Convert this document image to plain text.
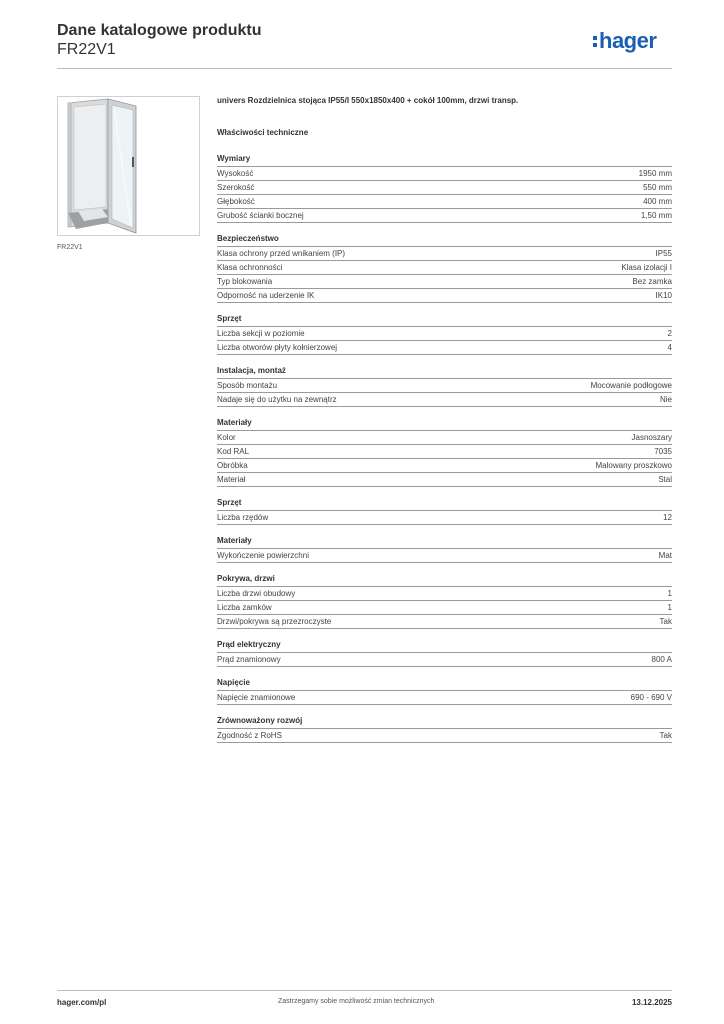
Dane katalogowe produktu
FR22V1	hager
FR22V1
univers Rozdzielnica stojąca IP55/I 550x1850x400 + cokół 100mm, drzwi transp.
Właściwości techniczne
Wymiary
Wysokość	1950 mm
Szerokość	550 mm
Głębokość	400 mm
Grubość ścianki bocznej	1,50 mm
Bezpieczeństwo
Klasa ochrony przed wnikaniem (IP)	IP55
Klasa ochronności	Klasa izolacji I
Typ blokowania	Bez zamka
Odporność na uderzenie IK	IK10
Sprzęt
Liczba sekcji w poziomie	2
Liczba otworów płyty kołnierzowej	4
Instalacja, montaż
Sposób montażu	Mocowanie podłogowe
Nadaje się do użytku na zewnątrz	Nie
Materiały
Kolor	Jasnoszary
Kod RAL	7035
Obróbka	Malowany proszkowo
Materiał	Stal
Sprzęt
Liczba rzędów	12
Materiały
Wykończenie powierzchni	Mat
Pokrywa, drzwi
Liczba drzwi obudowy	1
Liczba zamków	1
Drzwi/pokrywa są przezroczyste	Tak
Prąd elektryczny
Prąd znamionowy	800 A
Napięcie
Napięcie znamionowe	690 - 690 V
Zrównoważony rozwój
Zgodność z RoHS	Tak
hager.com/pl	Zastrzegamy sobie możliwość zmian technicznych	13.12.2025
